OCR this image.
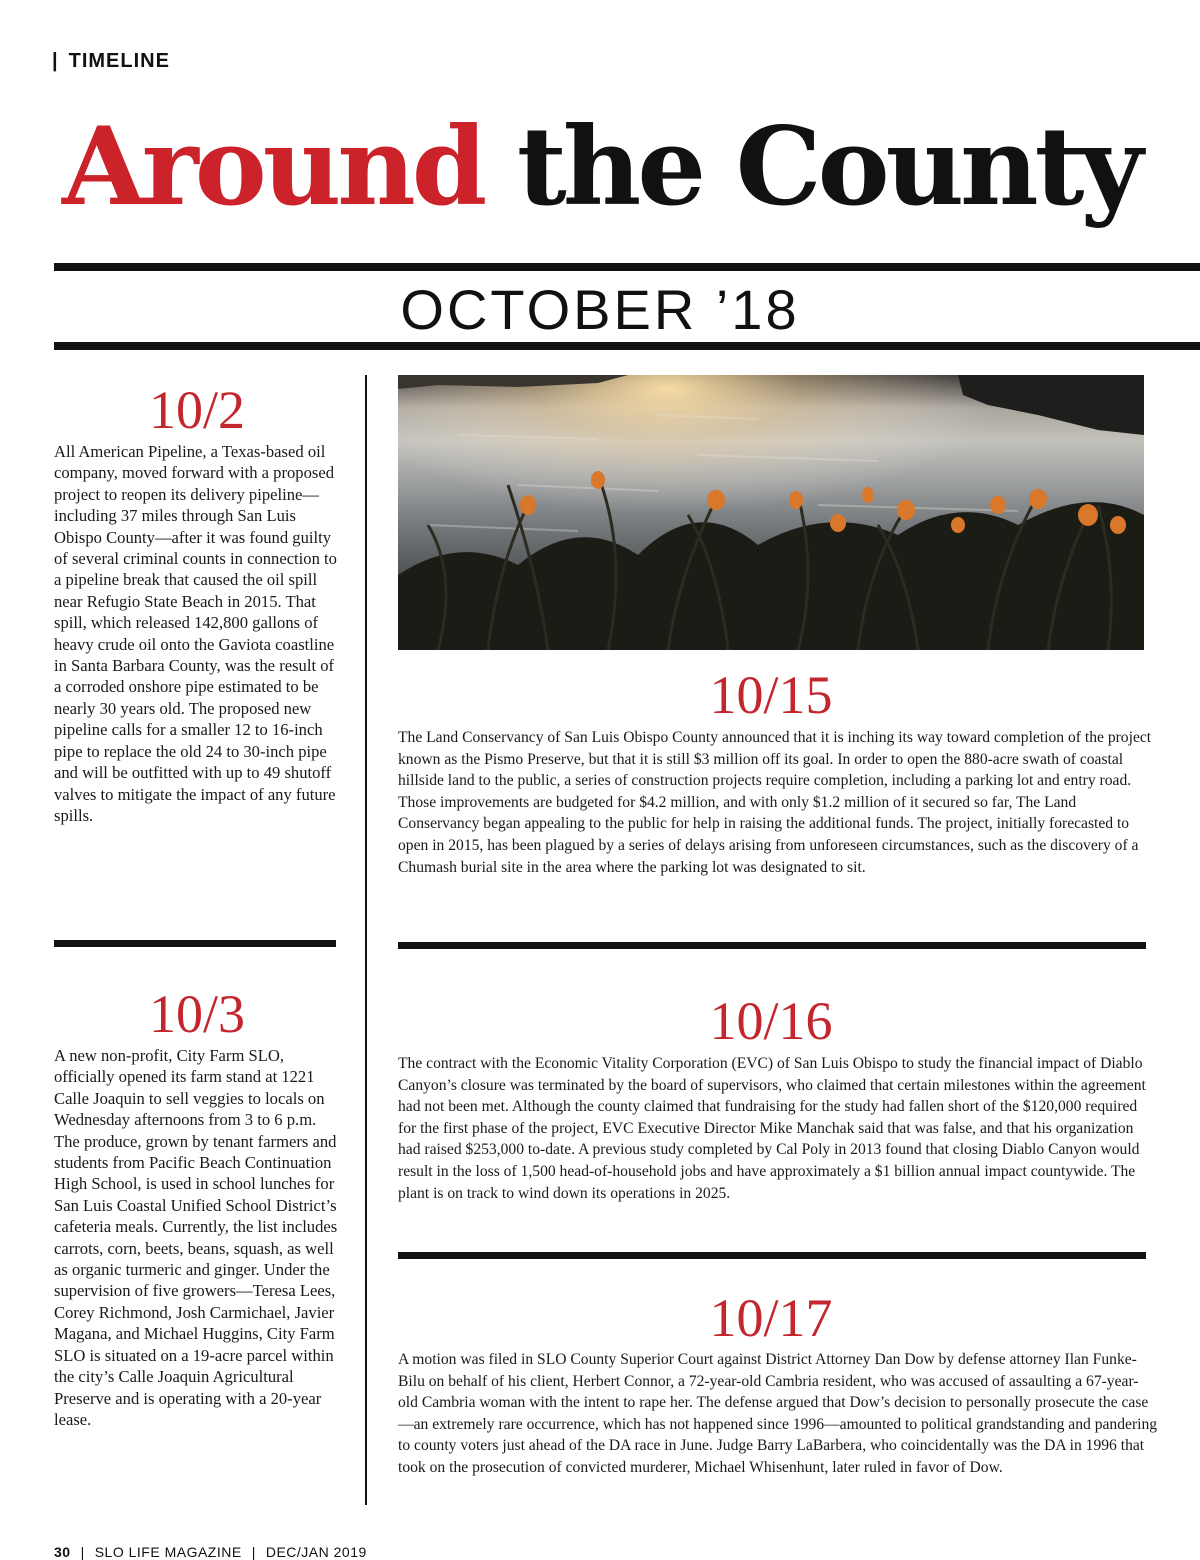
| TIMELINE
Around the County
OCTOBER ’18
10/2

All American Pipeline, a Texas-based oil company, moved forward with a proposed project to reopen its delivery pipeline—including 37 miles through San Luis Obispo County—after it was found guilty of several criminal counts in connection to a pipeline break that caused the oil spill near Refugio State Beach in 2015. That spill, which released 142,800 gallons of heavy crude oil onto the Gaviota coastline in Santa Barbara County, was the result of a corroded onshore pipe estimated to be nearly 30 years old. The proposed new pipeline calls for a smaller 12 to 16-inch pipe to replace the old 24 to 30-inch pipe and will be outfitted with up to 49 shutoff valves to mitigate the impact of any future spills.

10/3

A new non-profit, City Farm SLO, officially opened its farm stand at 1221 Calle Joaquin to sell veggies to locals on Wednesday afternoons from 3 to 6 p.m. The produce, grown by tenant farmers and students from Pacific Beach Continuation High School, is used in school lunches for San Luis Coastal Unified School District’s cafeteria meals. Currently, the list includes carrots, corn, beets, beans, squash, as well as organic turmeric and ginger. Under the supervision of five growers—Teresa Lees, Corey Richmond, Josh Carmichael, Javier Magana, and Michael Huggins, City Farm SLO is situated on a 19-acre parcel within the city’s Calle Joaquin Agricultural Preserve and is operating with a 20-year lease.

10/15

The Land Conservancy of San Luis Obispo County announced that it is inching its way toward completion of the project known as the Pismo Preserve, but that it is still $3 million off its goal. In order to open the 880-acre swath of coastal hillside land to the public, a series of construction projects require completion, including a parking lot and entry road. Those improvements are budgeted for $4.2 million, and with only $1.2 million of it secured so far, The Land Conservancy began appealing to the public for help in raising the additional funds. The project, initially forecasted to open in 2015, has been plagued by a series of delays arising from unforeseen circumstances, such as the discovery of a Chumash burial site in the area where the parking lot was designated to sit.

10/16

The contract with the Economic Vitality Corporation (EVC) of San Luis Obispo to study the financial impact of Diablo Canyon’s closure was terminated by the board of supervisors, who claimed that certain milestones within the agreement had not been met. Although the county claimed that fundraising for the study had fallen short of the $120,000 required for the first phase of the project, EVC Executive Director Mike Manchak said that was false, and that his organization had raised $253,000 to-date. A previous study completed by Cal Poly in 2013 found that closing Diablo Canyon would result in the loss of 1,500 head-of-household jobs and have approximately a $1 billion annual impact countywide. The plant is on track to wind down its operations in 2025.

10/17

A motion was filed in SLO County Superior Court against District Attorney Dan Dow by defense attorney Ilan Funke-Bilu on behalf of his client, Herbert Connor, a 72-year-old Cambria resident, who was accused of assaulting a 67-year-old Cambria woman with the intent to rape her. The defense argued that Dow’s decision to personally prosecute the case—an extremely rare occurrence, which has not happened since 1996—amounted to political grandstanding and pandering to county voters just ahead of the DA race in June. Judge Barry LaBarbera, who coincidentally was the DA in 1996 that took on the prosecution of convicted murderer, Michael Whisenhunt, later ruled in favor of Dow.

30 | SLO LIFE MAGAZINE | DEC/JAN 2019
